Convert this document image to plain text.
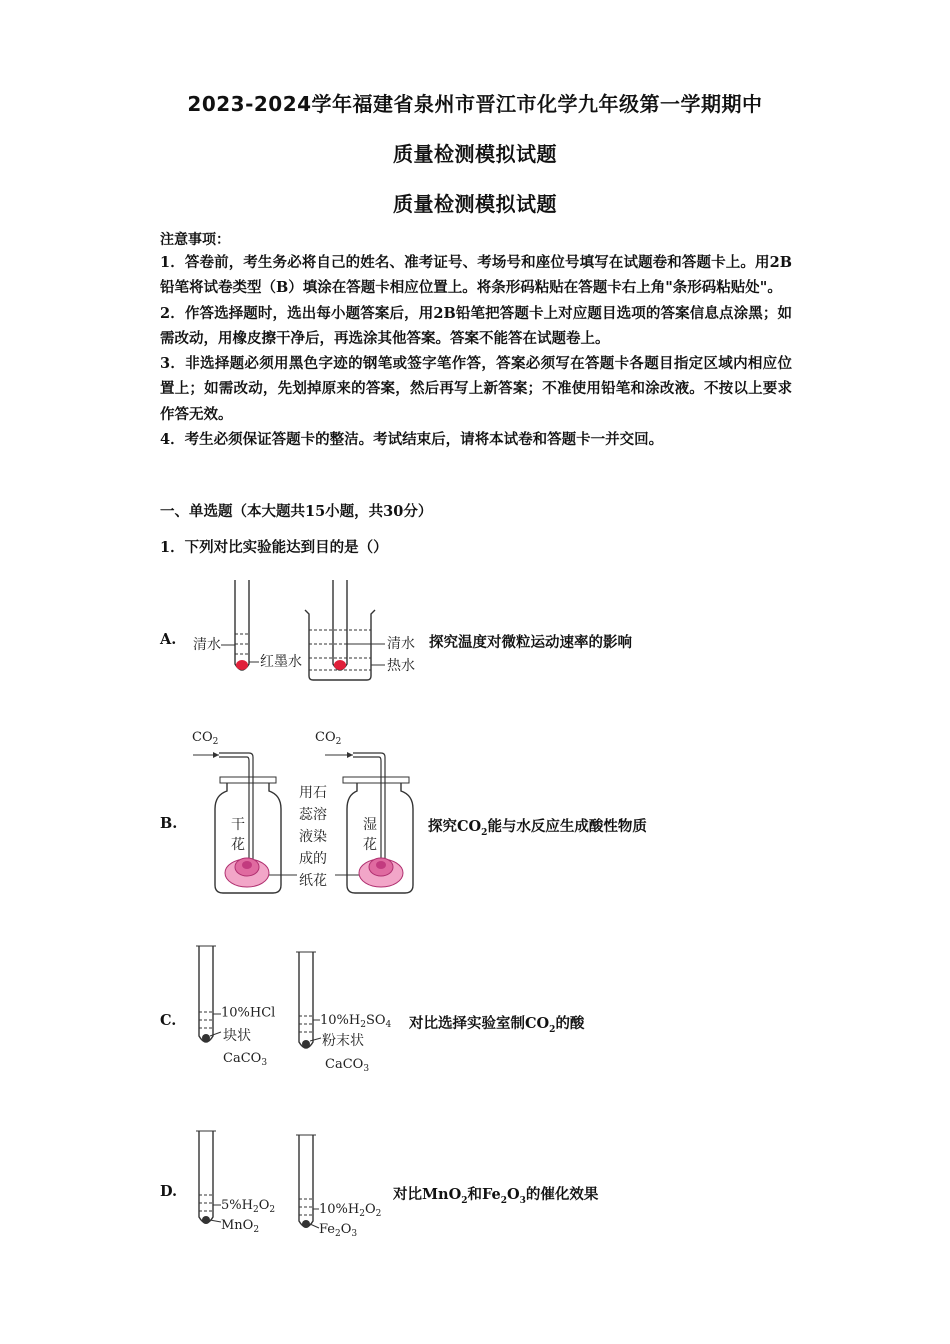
2023-2024学年福建省泉州市晋江市化学九年级第一学期期中
质量检测模拟试题
质量检测模拟试题
注意事项：

1．答卷前，考生务必将自己的姓名、准考证号、考场号和座位号填写在试题卷和答题卡上。用2B铅笔将试卷类型（B）填涂在答题卡相应位置上。将条形码粘贴在答题卡右上角"条形码粘贴处"。

2．作答选择题时，选出每小题答案后，用2B铅笔把答题卡上对应题目选项的答案信息点涂黑；如需改动，用橡皮擦干净后，再选涂其他答案。答案不能答在试题卷上。

3．非选择题必须用黑色字迹的钢笔或签字笔作答，答案必须写在答题卡各题目指定区域内相应位置上；如需改动，先划掉原来的答案，然后再写上新答案；不准使用铅笔和涂改液。不按以上要求作答无效。

4．考生必须保证答题卡的整洁。考试结束后，请将本试卷和答题卡一并交回。

一、单选题（本大题共15小题，共30分）
1．下列对比实验能达到目的是（）
A. 清水
红墨水
清水
热水
探究温度对微粒运动速率的影响
B.
$CO_2$	$CO_2$
干
花
用石
蕊溶
液染
成的
纸花
湿
花
探究$CO_2$能与水反应生成酸性物质
C.	10%HCl
块状
CaCO$_3$
$10\%H_2SO_4$
粉末状
CaCO$_3$
对比选择实验室制$CO_2$的酸
D.
$5\%H_2O_2$
MnO$_2$
$10\%H_2O_2$
$Fe_2O_3$
对比MnO$_2$和$Fe_2O_3$的催化效果
